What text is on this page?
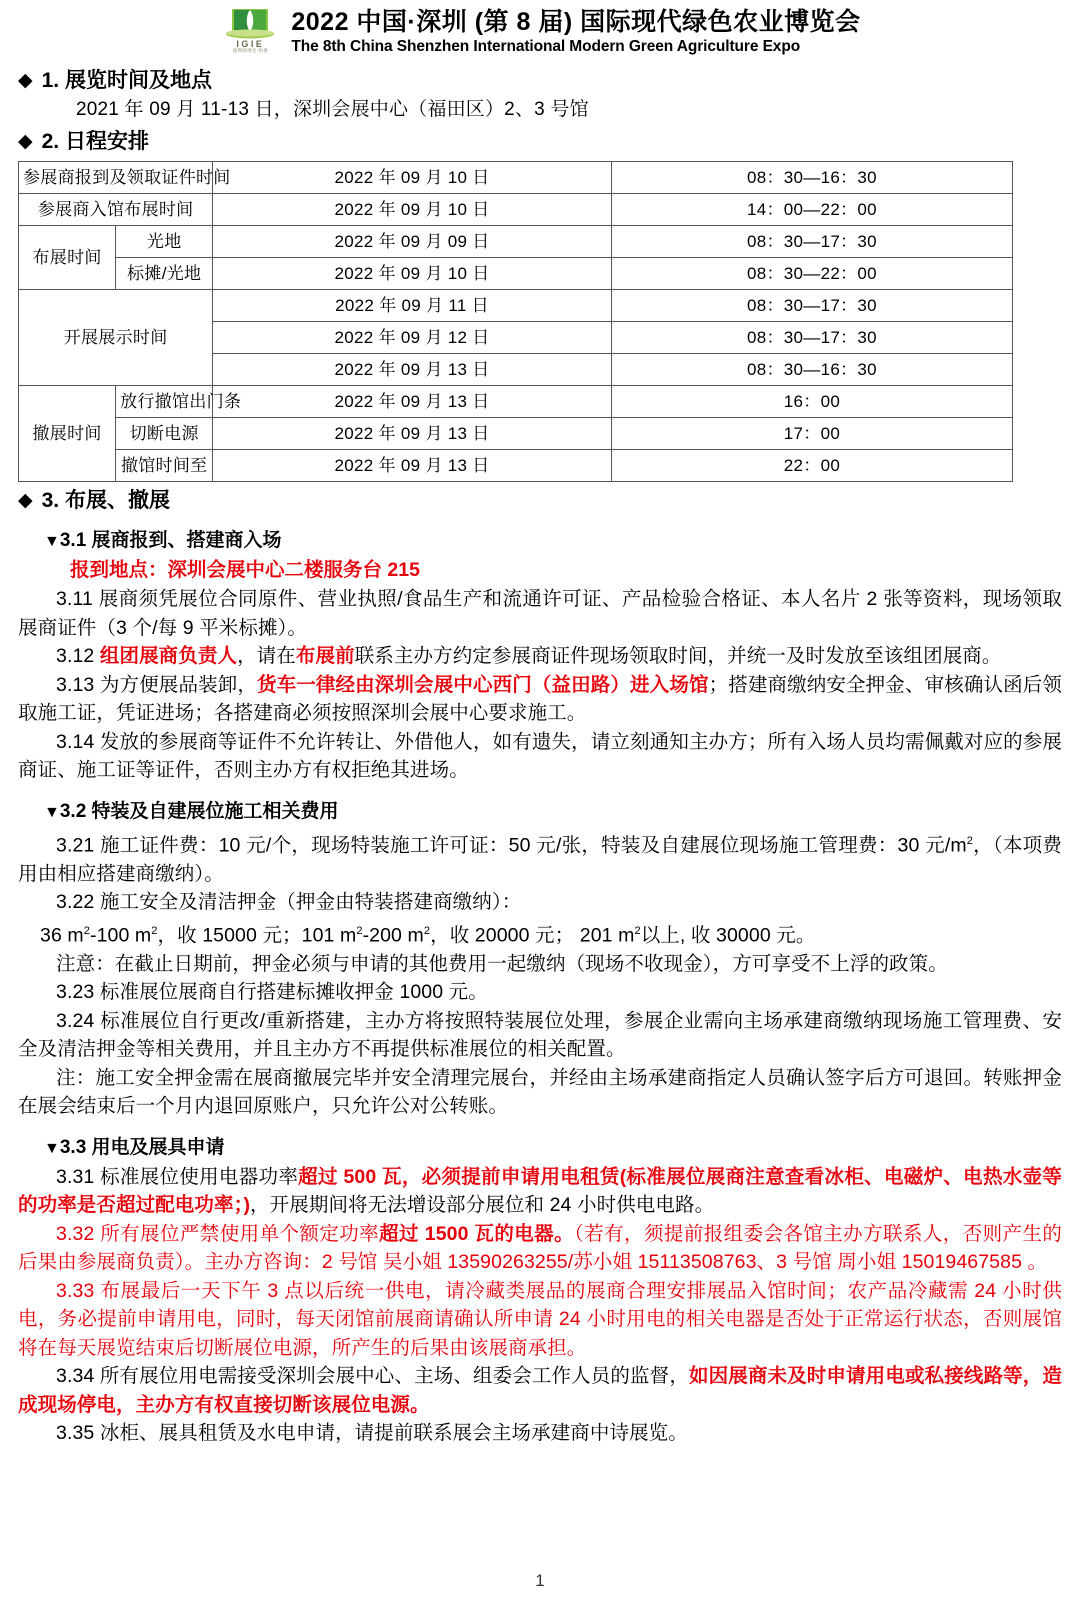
IGIE
深圳绿博会·组委
2022 中国·深圳 (第 8 届) 国际现代绿色农业博览会
The 8th China Shenzhen International Modern Green Agriculture Expo
◆ 1. 展览时间及地点
2021 年 09 月 11-13 日，深圳会展中心（福田区）2、3 号馆
◆ 2. 日程安排
参展商报到及领取证件时间		2022 年 09 月 10 日	08：30—16：30
参展商入馆布展时间		2022 年 09 月 10 日	14：00—22：00
布展时间	光地	2022 年 09 月 09 日	08：30—17：30
	标摊/光地	2022 年 09 月 10 日	08：30—22：00
开展展示时间		2022 年 09 月 11 日	08：30—17：30
		2022 年 09 月 12 日	08：30—17：30
		2022 年 09 月 13 日	08：30—16：30
撤展时间	放行撤馆出门条	2022 年 09 月 13 日	16：00
	切断电源	2022 年 09 月 13 日	17：00
	撤馆时间至	2022 年 09 月 13 日	22：00
◆ 3. 布展、撤展
▼3.1 展商报到、搭建商入场
报到地点：深圳会展中心二楼服务台 215

3.11 展商须凭展位合同原件、营业执照/食品生产和流通许可证、产品检验合格证、本人名片 2 张等资料，现场领取展商证件（3 个/每 9 平米标摊）。

3.12 组团展商负责人，请在布展前联系主办方约定参展商证件现场领取时间，并统一及时发放至该组团展商。

3.13 为方便展品装卸，货车一律经由深圳会展中心西门（益田路）进入场馆；搭建商缴纳安全押金、审核确认函后领取施工证，凭证进场；各搭建商必须按照深圳会展中心要求施工。

3.14 发放的参展商等证件不允许转让、外借他人，如有遗失，请立刻通知主办方；所有入场人员均需佩戴对应的参展商证、施工证等证件，否则主办方有权拒绝其进场。

▼3.2 特装及自建展位施工相关费用

3.21 施工证件费：10 元/个，现场特装施工许可证：50 元/张，特装及自建展位现场施工管理费：30 元$/m^2$，（本项费用由相应搭建商缴纳）。

3.22 施工安全及清洁押金（押金由特装搭建商缴纳）：

36 $m^2-100$ $m^2$，收 15000 元；101 $m^2-200$ $m^2$，收 20000 元； 201 $m^2$以上, 收 30000 元。

注意：在截止日期前，押金必须与申请的其他费用一起缴纳（现场不收现金），方可享受不上浮的政策。

3.23 标准展位展商自行搭建标摊收押金 1000 元。

3.24 标准展位自行更改/重新搭建，主办方将按照特装展位处理，参展企业需向主场承建商缴纳现场施工管理费、安全及清洁押金等相关费用，并且主办方不再提供标准展位的相关配置。

注：施工安全押金需在展商撤展完毕并安全清理完展台，并经由主场承建商指定人员确认签字后方可退回。转账押金在展会结束后一个月内退回原账户，只允许公对公转账。

▼3.3 用电及展具申请

3.31 标准展位使用电器功率超过 500 瓦，必须提前申请用电租赁(标准展位展商注意查看冰柜、电磁炉、电热水壶等的功率是否超过配电功率；)，开展期间将无法增设部分展位和 24 小时供电电路。

3.32 所有展位严禁使用单个额定功率超过 1500 瓦的电器。（若有，须提前报组委会各馆主办方联系人，否则产生的后果由参展商负责）。主办方咨询：2 号馆 吴小姐 13590263255/苏小姐 15113508763、3 号馆 周小姐 15019467585 。

3.33 布展最后一天下午 3 点以后统一供电，请冷藏类展品的展商合理安排展品入馆时间；农产品冷藏需 24 小时供电，务必提前申请用电，同时，每天闭馆前展商请确认所申请 24 小时用电的相关电器是否处于正常运行状态，否则展馆将在每天展览结束后切断展位电源，所产生的后果由该展商承担。

3.34 所有展位用电需接受深圳会展中心、主场、组委会工作人员的监督，如因展商未及时申请用电或私接线路等，造成现场停电，主办方有权直接切断该展位电源。

3.35 冰柜、展具租赁及水电申请，请提前联系展会主场承建商中诗展览。

1
